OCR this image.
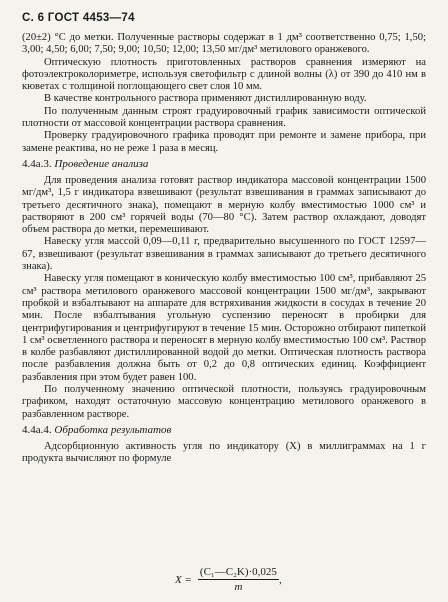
С. 6 ГОСТ 4453—74

(20±2) °С до метки. Полученные растворы содержат в 1 дм³ соответственно 0,75; 1,50; 3,00; 4,50; 6,00; 7,50; 9,00; 10,50; 12,00; 13,50 мг/дм³ метилового оранжевого.

Оптическую плотность приготовленных растворов сравнения измеряют на фотоэлектроколориметре, используя светофильтр с длиной волны (λ) от 390 до 410 нм в кюветах с толщиной поглощающего свет слоя 10 мм.

В качестве контрольного раствора применяют дистиллированную воду.

По полученным данным строят градуировочный график зависимости оптической плотности от массовой концентрации раствора сравнения.

Проверку градуировочного графика проводят при ремонте и замене прибора, при замене реактива, но не реже 1 раза в месяц.

4.4а.3. Проведение анализа

Для проведения анализа готовят раствор индикатора массовой концентрации 1500 мг/дм³, 1,5 г индикатора взвешивают (результат взвешивания в граммах записывают до третьего десятичного знака), помещают в мерную колбу вместимостью 1000 см³ и растворяют в 200 см³ горячей воды (70—80 °С). Затем раствор охлаждают, доводят объем раствора до метки, перемешивают.

Навеску угля массой 0,09—0,11 г, предварительно высушенного по ГОСТ 12597—67, взвешивают (результат взвешивания в граммах записывают до третьего десятичного знака).

Навеску угля помещают в коническую колбу вместимостью 100 см³, прибавляют 25 см³ раствора метилового оранжевого массовой концентрации 1500 мг/дм³, закрывают пробкой и взбалтывают на аппарате для встряхивания жидкости в сосудах в течение 20 мин. После взбалтывания угольную суспензию переносят в пробирки для центрифугирования и центрифугируют в течение 15 мин. Осторожно отбирают пипеткой 1 см³ осветленного раствора и переносят в мерную колбу вместимостью 100 см³. Раствор в колбе разбавляют дистиллированной водой до метки. Оптическая плотность раствора после разбавления должна быть от 0,2 до 0,8 оптических единиц. Коэффициент разбавления при этом будет равен 100.

По полученному значению оптической плотности, пользуясь градуировочным графиком, находят остаточную массовую концентрацию метилового оранжевого в разбавленном растворе.

4.4а.4. Обработка результатов

Адсорбционную активность угля по индикатору (X) в миллиграммах на 1 г продукта вычисляют по формуле

$X = \frac{\text{(C₁—C₂K)·0,025}}{m}$ ,
